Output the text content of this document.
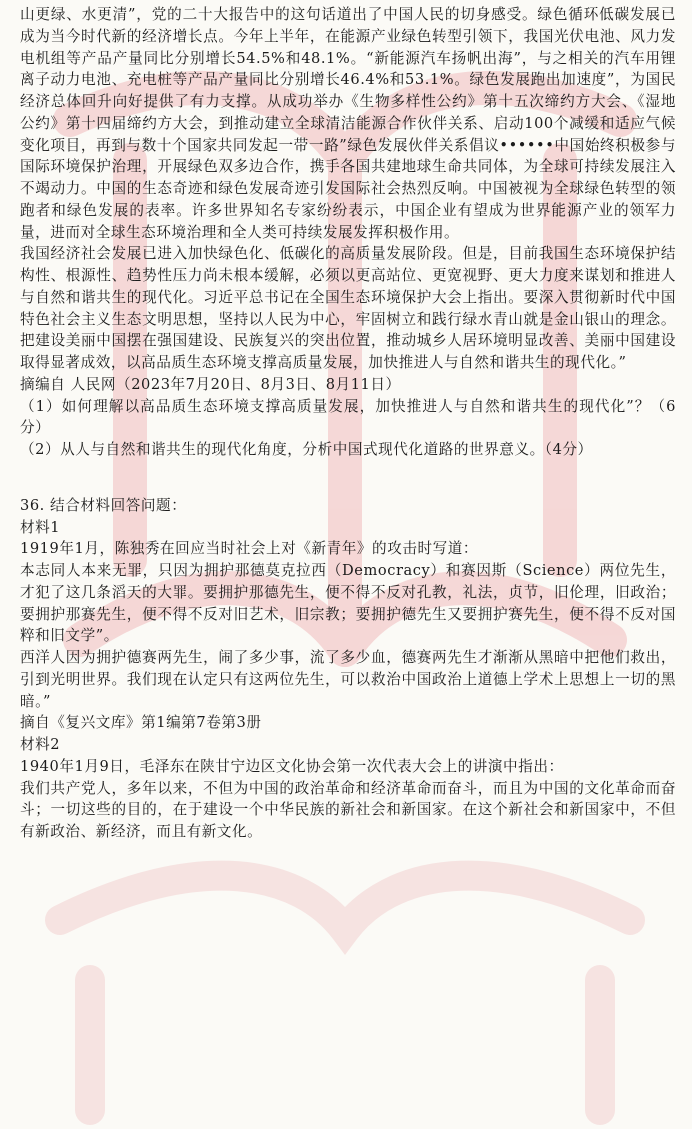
山更绿、水更清”，党的二十大报告中的这句话道出了中国人民的切身感受。绿色循环低碳发展已成为当今时代新的经济增长点。今年上半年，在能源产业绿色转型引领下，我国光伏电池、风力发电机组等产品产量同比分别增长54.5%和48.1%。“新能源汽车扬帆出海”，与之相关的汽车用锂离子动力电池、充电桩等产品产量同比分别增长46.4%和53.1%。绿色发展跑出加速度”，为国民经济总体回升向好提供了有力支撑。从成功举办《生物多样性公约》第十五次缔约方大会、《湿地公约》第十四届缔约方大会，到推动建立全球清洁能源合作伙伴关系、启动100个减缓和适应气候变化项目，再到与数十个国家共同发起一带一路”绿色发展伙伴关系倡议••••••中国始终积极参与国际环境保护治理，开展绿色双多边合作，携手各国共建地球生命共同体，为全球可持续发展注入不竭动力。中国的生态奇迹和绿色发展奇迹引发国际社会热烈反响。中国被视为全球绿色转型的领跑者和绿色发展的表率。许多世界知名专家纷纷表示，中国企业有望成为世界能源产业的领军力量，进而对全球生态环境治理和全人类可持续发展发挥积极作用。

我国经济社会发展已进入加快绿色化、低碳化的高质量发展阶段。但是，目前我国生态环境保护结构性、根源性、趋势性压力尚未根本缓解，必须以更高站位、更宽视野、更大力度来谋划和推进人与自然和谐共生的现代化。习近平总书记在全国生态环境保护大会上指出。要深入贯彻新时代中国特色社会主义生态文明思想，坚持以人民为中心，牢固树立和践行绿水青山就是金山银山的理念。把建设美丽中国摆在强国建设、民族复兴的突出位置，推动城乡人居环境明显改善、美丽中国建设取得显著成效，以高品质生态环境支撑高质量发展，加快推进人与自然和谐共生的现代化。”

摘编自 人民网（2023年7月20日、8月3日、8月11日）

（1）如何理解以高品质生态环境支撑高质量发展，加快推进人与自然和谐共生的现代化”？（6分）

（2）从人与自然和谐共生的现代化角度，分析中国式现代化道路的世界意义。（4分）

36. 结合材料回答问题：

材料1

1919年1月，陈独秀在回应当时社会上对《新青年》的攻击时写道：

本志同人本来无罪，只因为拥护那德莫克拉西（Democracy）和赛因斯（Science）两位先生，才犯了这几条滔天的大罪。要拥护那德先生，便不得不反对孔教，礼法，贞节，旧伦理，旧政治；要拥护那赛先生，便不得不反对旧艺术，旧宗教；要拥护德先生又要拥护赛先生，便不得不反对国粹和旧文学”。

西洋人因为拥护德赛两先生，闹了多少事，流了多少血，德赛两先生才渐渐从黑暗中把他们救出，引到光明世界。我们现在认定只有这两位先生，可以救治中国政治上道德上学术上思想上一切的黑暗。”

摘自《复兴文库》第1编第7卷第3册

材料2

1940年1月9日，毛泽东在陕甘宁边区文化协会第一次代表大会上的讲演中指出：

我们共产党人，多年以来，不但为中国的政治革命和经济革命而奋斗，而且为中国的文化革命而奋斗；一切这些的目的，在于建设一个中华民族的新社会和新国家。在这个新社会和新国家中，不但有新政治、新经济，而且有新文化。
